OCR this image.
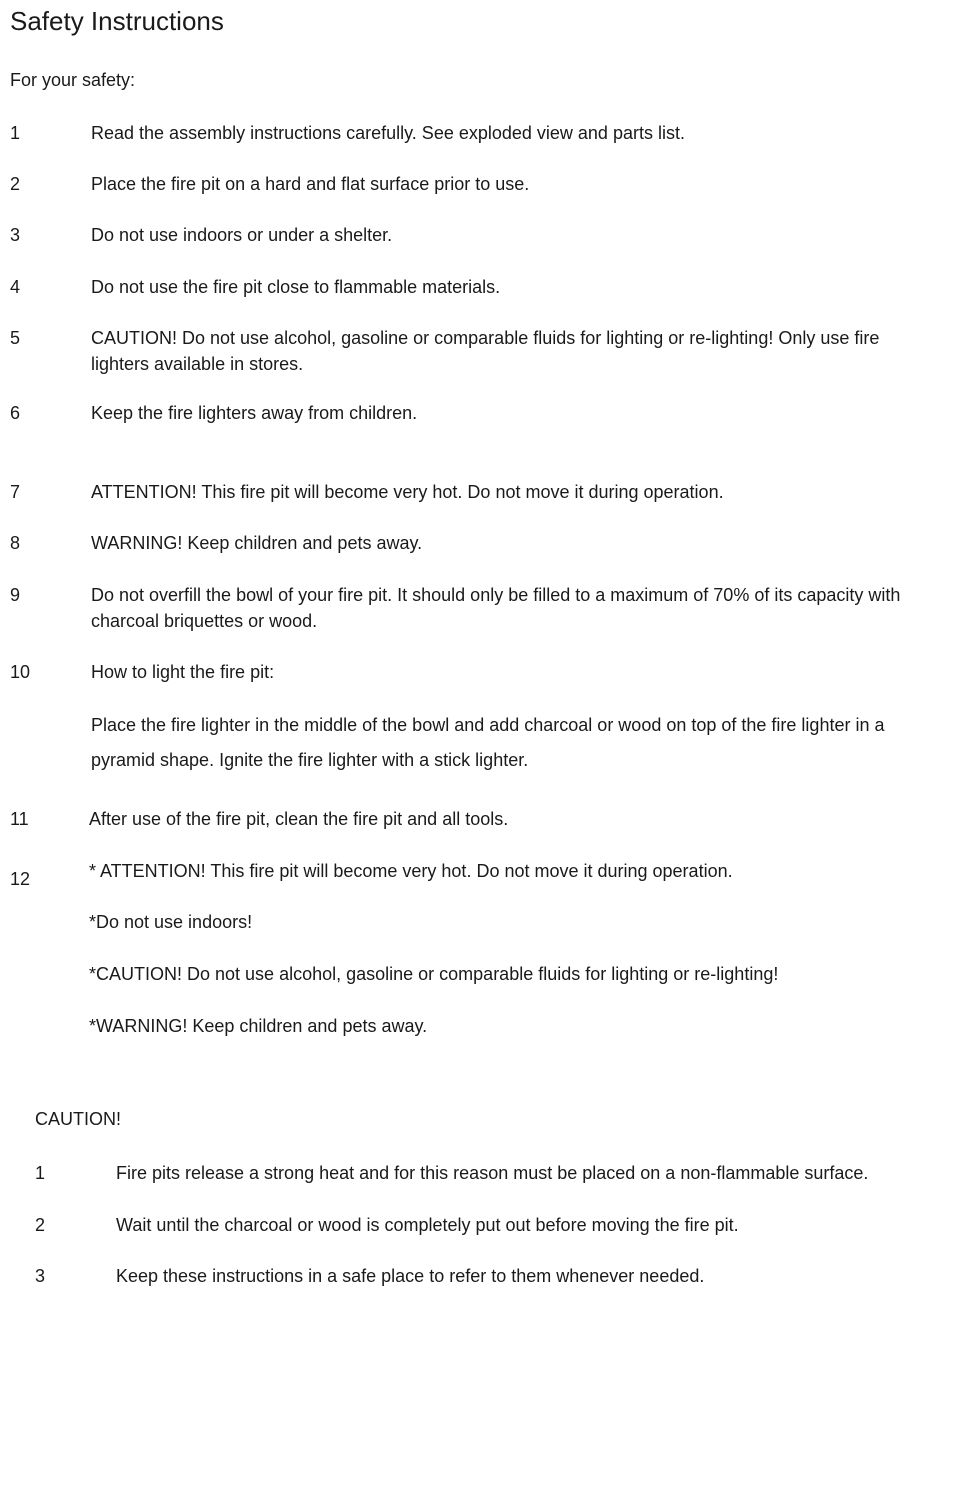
Safety Instructions
For your safety:
1	Read the assembly instructions carefully. See exploded view and parts list.
2	Place the fire pit on a hard and flat surface prior to use.
3	Do not use indoors or under a shelter.
4	Do not use the fire pit close to flammable materials.
5	CAUTION! Do not use alcohol, gasoline or comparable fluids for lighting or re-lighting! Only use fire lighters available in stores.
6	Keep the fire lighters away from children.
7	ATTENTION! This fire pit will become very hot. Do not move it during operation.
8	WARNING! Keep children and pets away.
9	Do not overfill the bowl of your fire pit. It should only be filled to a maximum of 70% of its capacity with charcoal briquettes or wood.
10	How to light the fire pit:
Place the fire lighter in the middle of the bowl and add charcoal or wood on top of the fire lighter in a pyramid shape. Ignite the fire lighter with a stick lighter.
11	After use of the fire pit, clean the fire pit and all tools.
12	* ATTENTION! This fire pit will become very hot. Do not move it during operation.
*Do not use indoors!
*CAUTION! Do not use alcohol, gasoline or comparable fluids for lighting or re-lighting!
*WARNING! Keep children and pets away.
CAUTION!
1	Fire pits release a strong heat and for this reason must be placed on a non-flammable surface.
2	Wait until the charcoal or wood is completely put out before moving the fire pit.
3	Keep these instructions in a safe place to refer to them whenever needed.
